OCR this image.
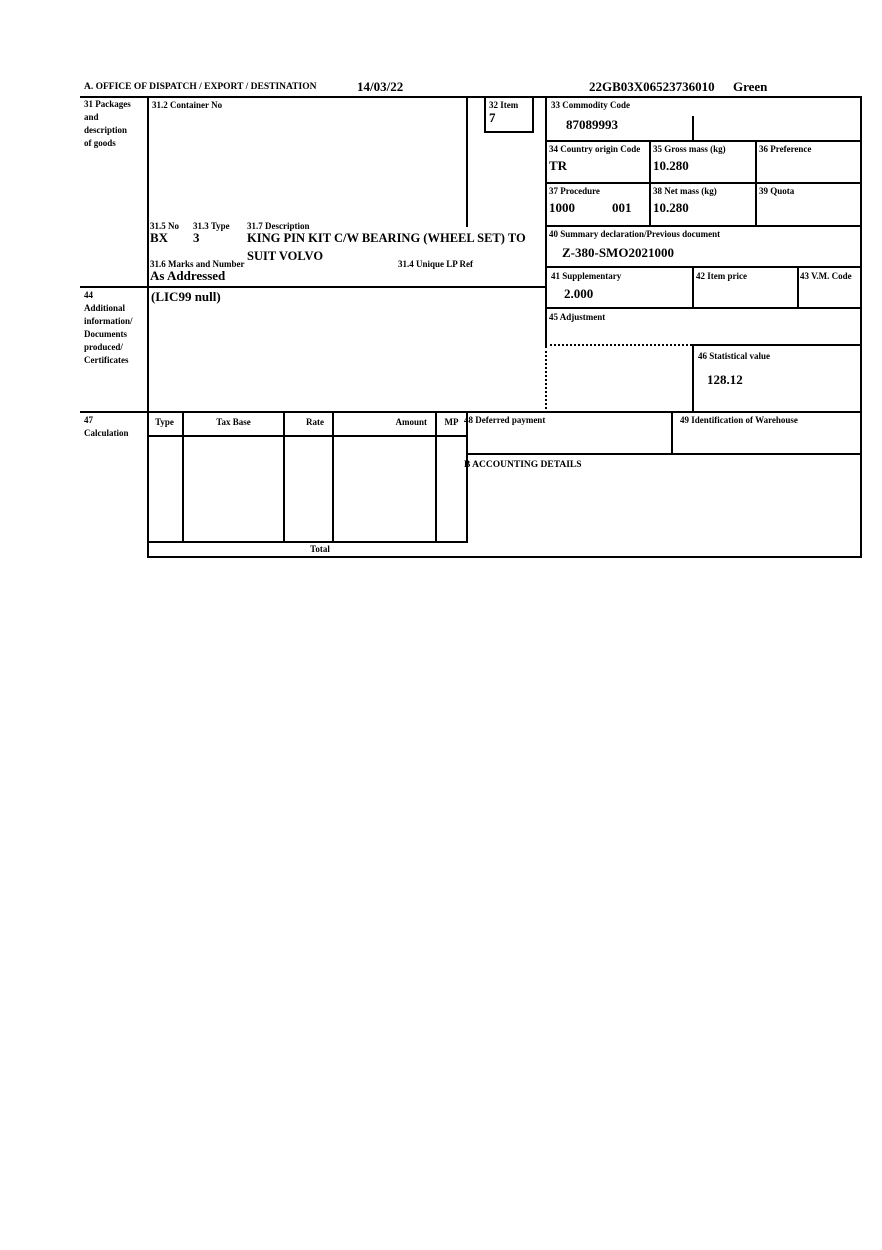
A. OFFICE OF DISPATCH / EXPORT / DESTINATION	14/03/22	22GB03X06523736010 Green
31 Packages
and
description
of goods
31.2 Container No
31.5 No 31.3 Type 31.7 Description
BX 3	KING PIN KIT C/W BEARING (WHEEL SET) TO SUIT VOLVO
31.6 Marks and Number	31.4 Unique LP Ref
As Addressed
32 Item
7
33 Commodity Code
87089993
34 Country origin Code
TR
35 Gross mass (kg)
10.280
36 Preference
37 Procedure
1000	001
38 Net mass (kg)
10.280
39 Quota
40 Summary declaration/Previous document
Z-380-SMO2021000
41 Supplementary
2.000
42 Item price	43 V.M. Code
44
Additional
information/
Documents
produced/
Certificates
(LIC99 null)
45 Adjustment
46 Statistical value
128.12
47
Calculation
Type	Tax Base	Rate	Amount	MP
Total
48 Deferred payment	49 Identification of Warehouse
B ACCOUNTING DETAILS
